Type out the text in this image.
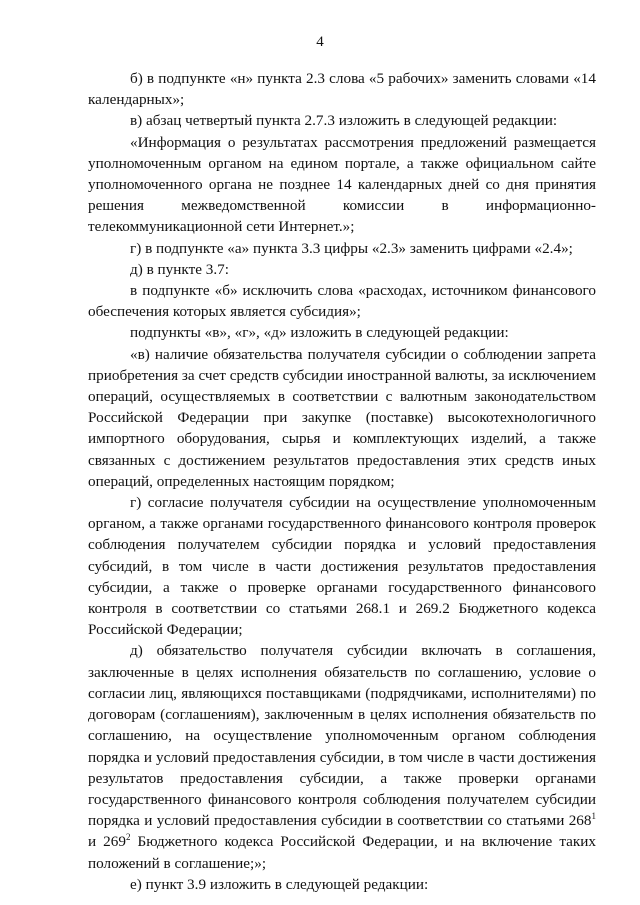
4

б) в подпункте «н» пункта 2.3 слова «5 рабочих» заменить словами «14 календарных»;

в) абзац четвертый пункта 2.7.3 изложить в следующей редакции:

«Информация о результатах рассмотрения предложений размещается уполномоченным органом на едином портале, а также официальном сайте уполномоченного органа не позднее 14 календарных дней со дня принятия решения межведомственной комиссии в информационно-телекоммуникационной сети Интернет.»;

г) в подпункте «а» пункта 3.3 цифры «2.3» заменить цифрами «2.4»;

д) в пункте 3.7:

в подпункте «б» исключить слова «расходах, источником финансового обеспечения которых является субсидия»;

подпункты «в», «г», «д» изложить в следующей редакции:

«в) наличие обязательства получателя субсидии о соблюдении запрета приобретения за счет средств субсидии иностранной валюты, за исключением операций, осуществляемых в соответствии с валютным законодательством Российской Федерации при закупке (поставке) высокотехнологичного импортного оборудования, сырья и комплектующих изделий, а также связанных с достижением результатов предоставления этих средств иных операций, определенных настоящим порядком;

г) согласие получателя субсидии на осуществление уполномоченным органом, а также органами государственного финансового контроля проверок соблюдения получателем субсидии порядка и условий предоставления субсидий, в том числе в части достижения результатов предоставления субсидии, а также о проверке органами государственного финансового контроля в соответствии со статьями 268.1 и 269.2 Бюджетного кодекса Российской Федерации;

д) обязательство получателя субсидии включать в соглашения, заключенные в целях исполнения обязательств по соглашению, условие о согласии лиц, являющихся поставщиками (подрядчиками, исполнителями) по договорам (соглашениям), заключенным в целях исполнения обязательств по соглашению, на осуществление уполномоченным органом соблюдения порядка и условий предоставления субсидии, в том числе в части достижения результатов предоставления субсидии, а также проверки органами государственного финансового контроля соблюдения получателем субсидии порядка и условий предоставления субсидии в соответствии со статьями 268$^1$ и 269$^2$ Бюджетного кодекса Российской Федерации, и на включение таких положений в соглашение;»;

е) пункт 3.9 изложить в следующей редакции:
